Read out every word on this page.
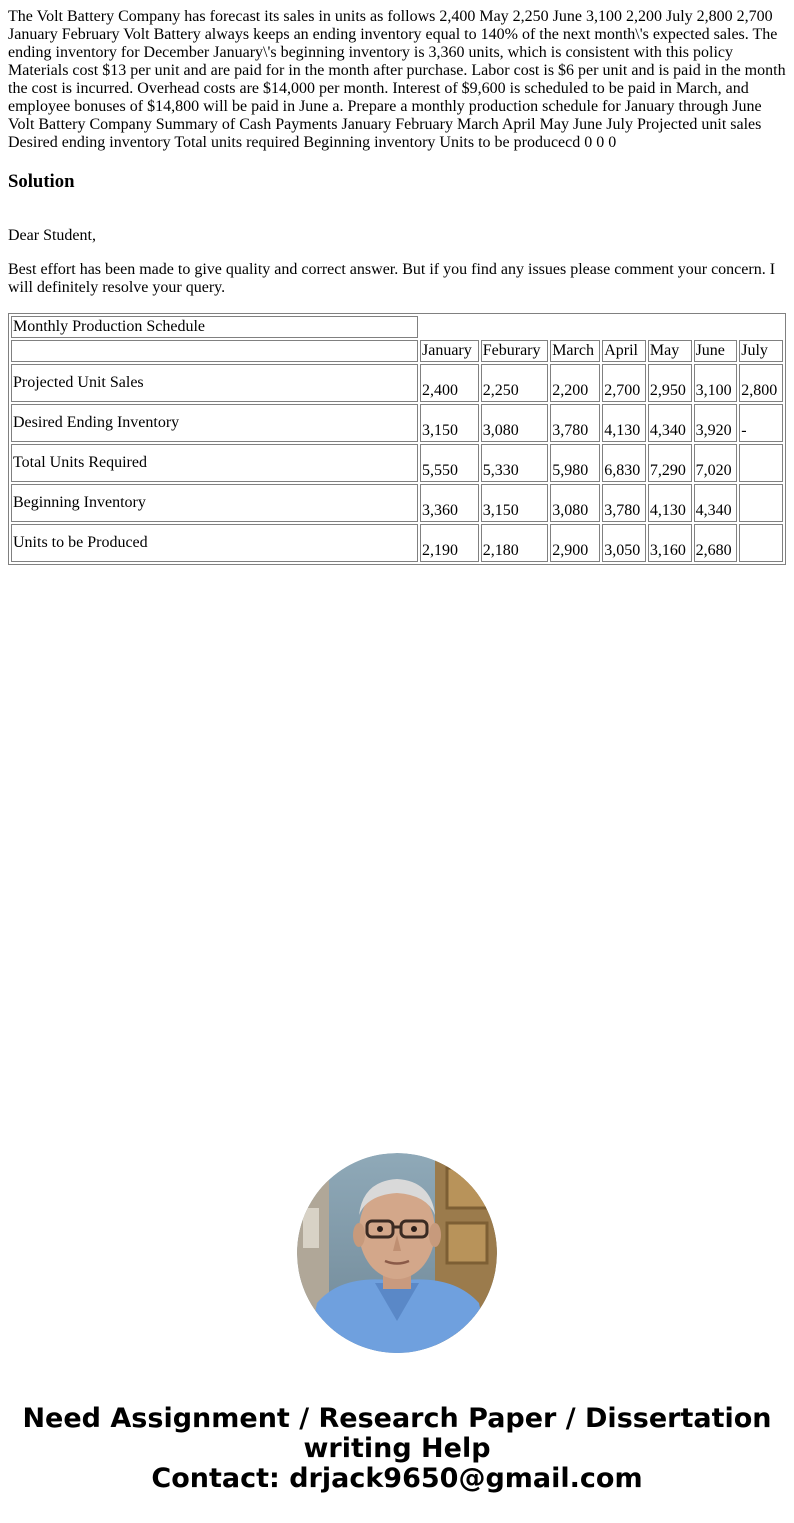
The Volt Battery Company has forecast its sales in units as follows 2,400 May 2,250 June 3,100 2,200 July 2,800 2,700 January February Volt Battery always keeps an ending inventory equal to 140% of the next month\'s expected sales. The ending inventory for December January\'s beginning inventory is 3,360 units, which is consistent with this policy Materials cost $13 per unit and are paid for in the month after purchase. Labor cost is $6 per unit and is paid in the month the cost is incurred. Overhead costs are $14,000 per month. Interest of $9,600 is scheduled to be paid in March, and employee bonuses of $14,800 will be paid in June a. Prepare a monthly production schedule for January through June Volt Battery Company Summary of Cash Payments January February March April May June July Projected unit sales Desired ending inventory Total units required Beginning inventory Units to be producecd 0 0 0

Solution

Dear Student,

Best effort has been made to give quality and correct answer. But if you find any issues please comment your concern. I will definitely resolve your query.

Monthly Production Schedule							
	January	Feburary	March	April	May	June	July
Projected Unit Sales	2,400	2,250	2,200	2,700	2,950	3,100	2,800
Desired Ending Inventory	3,150	3,080	3,780	4,130	4,340	3,920	-
Total Units Required	5,550	5,330	5,980	6,830	7,290	7,020	
Beginning Inventory	3,360	3,150	3,080	3,780	4,130	4,340	
Units to be Produced	2,190	2,180	2,900	3,050	3,160	2,680	
Need Assignment / Research Paper / Dissertation
writing Help
Contact: drjack9650@gmail.com
